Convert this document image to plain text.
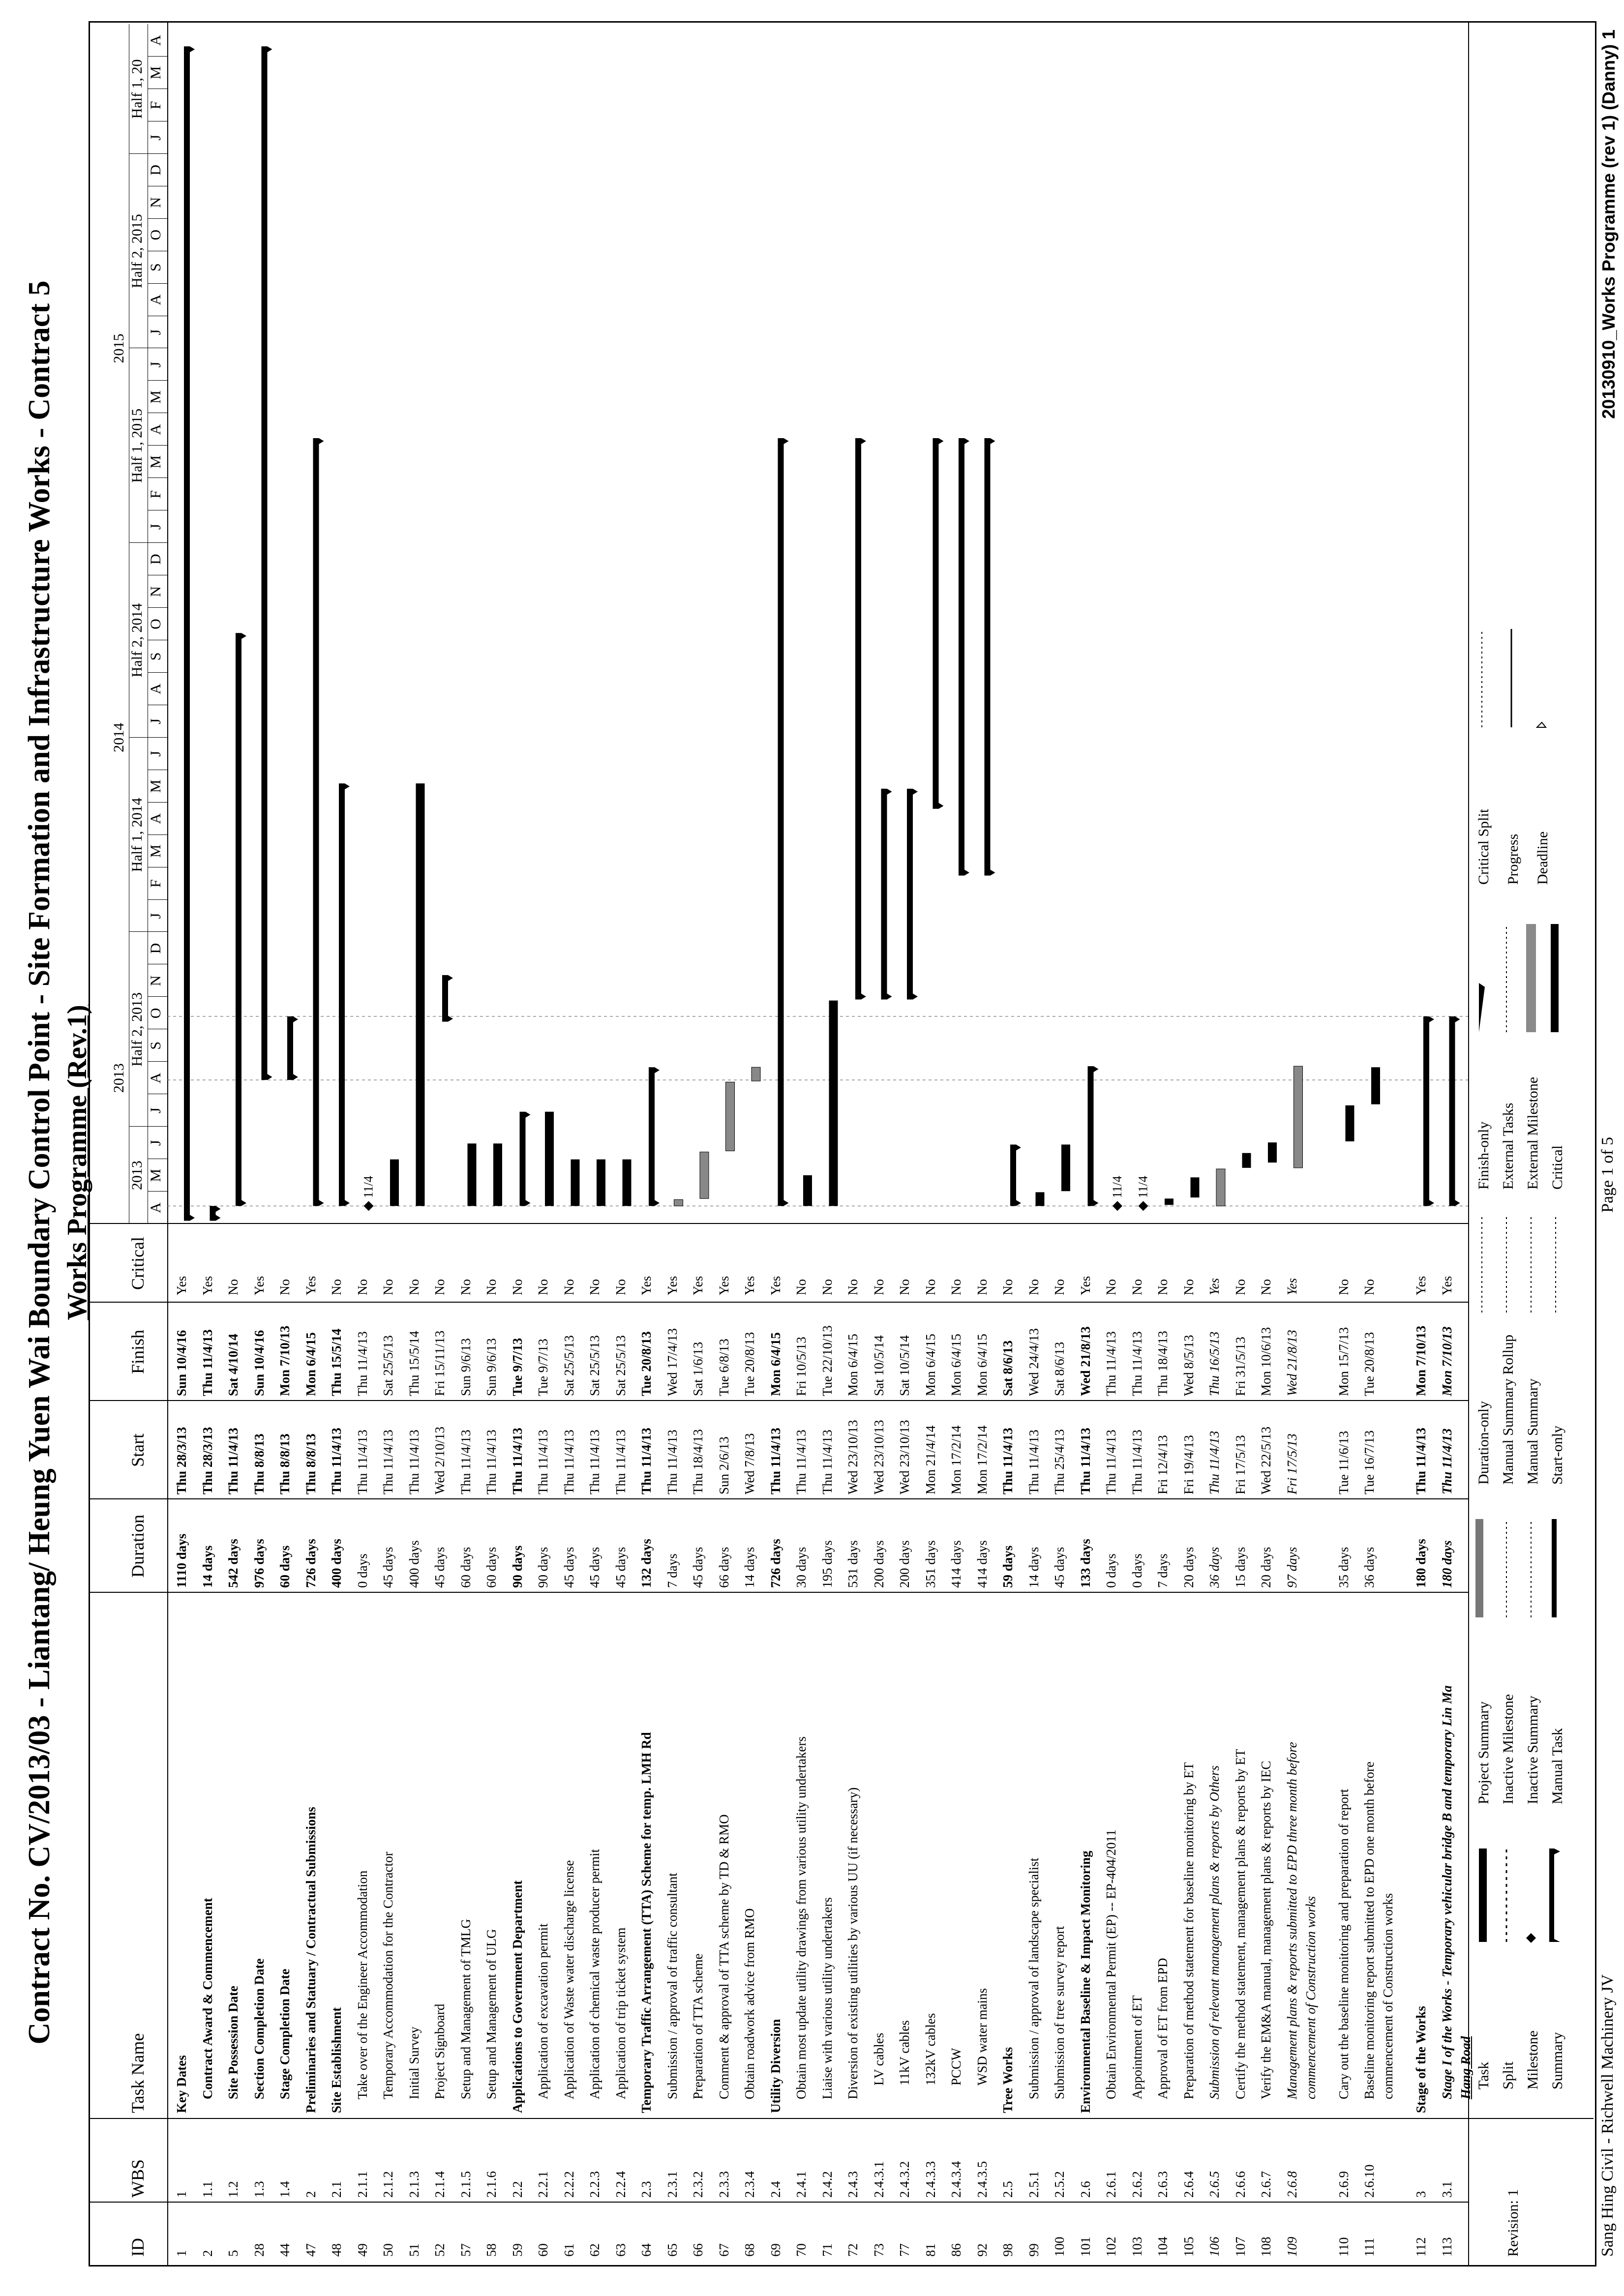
Contract No. CV/2013/03 - Liantang/ Heung Yuen Wai Boundary Control Point - Site Formation and Infrastructure Works - Contract 5 Works Programme (Rev.1)
ID
WBS
Task Name
Duration
Start
Finish
Critical
A
M
J
J
A
S
O
N
D
J
F
M
A
M
J
J
A
S
O
N
D
J
F
M
A
M
J
J
A
S
O
N
D
J
F
M
A
2013
Half 2, 2013
Half 1, 2014
Half 2, 2014
Half 1, 2015
Half 2, 2015
Half 1, 20
2013
2014
2015
1
1
Key Dates
1110 days
Thu 28/3/13
Sun 10/4/16
Yes
2
1.1
Contract Award & Commencement
14 days
Thu 28/3/13
Thu 11/4/13
Yes
5
1.2
Site Possession Date
542 days
Thu 11/4/13
Sat 4/10/14
No
28
1.3
Section Completion Date
976 days
Thu 8/8/13
Sun 10/4/16
Yes
44
1.4
Stage Completion Date
60 days
Thu 8/8/13
Mon 7/10/13
No
47
2
Preliminaries and Statuary / Contractual Submissions
726 days
Thu 8/8/13
Mon 6/4/15
Yes
48
2.1
Site Establishment
400 days
Thu 11/4/13
Thu 15/5/14
No
49
2.1.1
Take over of the Engineer Accommodation
0 days
Thu 11/4/13
Thu 11/4/13
No
50
2.1.2
Temporary Accommodation for the Contractor
45 days
Thu 11/4/13
Sat 25/5/13
No
51
2.1.3
Initial Survey
400 days
Thu 11/4/13
Thu 15/5/14
No
52
2.1.4
Project Signboard
45 days
Wed 2/10/13
Fri 15/11/13
No
57
2.1.5
Setup and Management of TMLG
60 days
Thu 11/4/13
Sun 9/6/13
No
58
2.1.6
Setup and Management of ULG
60 days
Thu 11/4/13
Sun 9/6/13
No
59
2.2
Applications to Government Department
90 days
Thu 11/4/13
Tue 9/7/13
No
60
2.2.1
Application of excavation permit
90 days
Thu 11/4/13
Tue 9/7/13
No
61
2.2.2
Application of Waste water discharge license
45 days
Thu 11/4/13
Sat 25/5/13
No
62
2.2.3
Application of chemical waste producer permit
45 days
Thu 11/4/13
Sat 25/5/13
No
63
2.2.4
Application of trip ticket system
45 days
Thu 11/4/13
Sat 25/5/13
No
64
2.3
Temporary Traffic Arrangement (TTA) Scheme for temp. LMH Rd
132 days
Thu 11/4/13
Tue 20/8/13
Yes
65
2.3.1
Submission / approval of traffic consultant
7 days
Thu 11/4/13
Wed 17/4/13
Yes
66
2.3.2
Preparation of TTA scheme
45 days
Thu 18/4/13
Sat 1/6/13
Yes
67
2.3.3
Comment & approval of TTA scheme by TD & RMO
66 days
Sun 2/6/13
Tue 6/8/13
Yes
68
2.3.4
Obtain roadwork advice from RMO
14 days
Wed 7/8/13
Tue 20/8/13
Yes
69
2.4
Utility Diversion
726 days
Thu 11/4/13
Mon 6/4/15
Yes
70
2.4.1
Obtain most update utility drawings from various utility undertakers
30 days
Thu 11/4/13
Fri 10/5/13
No
71
2.4.2
Liaise with various utility undertakers
195 days
Thu 11/4/13
Tue 22/10/13
No
72
2.4.3
Diversion of existing utilities by various UU (if necessary)
531 days
Wed 23/10/13
Mon 6/4/15
No
73
2.4.3.1
LV cables
200 days
Wed 23/10/13
Sat 10/5/14
No
77
2.4.3.2
11kV cables
200 days
Wed 23/10/13
Sat 10/5/14
No
81
2.4.3.3
132kV cables
351 days
Mon 21/4/14
Mon 6/4/15
No
86
2.4.3.4
PCCW
414 days
Mon 17/2/14
Mon 6/4/15
No
92
2.4.3.5
WSD water mains
414 days
Mon 17/2/14
Mon 6/4/15
No
98
2.5
Tree Works
59 days
Thu 11/4/13
Sat 8/6/13
No
99
2.5.1
Submission / approval of landscape specialist
14 days
Thu 11/4/13
Wed 24/4/13
No
100
2.5.2
Submission of tree survey report
45 days
Thu 25/4/13
Sat 8/6/13
No
101
2.6
Environmental Baseline & Impact Monitoring
133 days
Thu 11/4/13
Wed 21/8/13
Yes
102
2.6.1
Obtain Environmental Permit (EP) -- EP-404/2011
0 days
Thu 11/4/13
Thu 11/4/13
No
103
2.6.2
Appointment of ET
0 days
Thu 11/4/13
Thu 11/4/13
No
104
2.6.3
Approval of ET from EPD
7 days
Fri 12/4/13
Thu 18/4/13
No
105
2.6.4
Preparation of method statement for baseline monitoring by ET
20 days
Fri 19/4/13
Wed 8/5/13
No
106
2.6.5
Submission of relevant management plans & reports by Others
36 days
Thu 11/4/13
Thu 16/5/13
Yes
107
2.6.6
Certify the method statement, management plans & reports by ET
15 days
Fri 17/5/13
Fri 31/5/13
No
108
2.6.7
Verify the EM&A manual, management plans & reports by IEC
20 days
Wed 22/5/13
Mon 10/6/13
No
109
2.6.8
Management plans & reports submitted to EPD three month before
97 days
Fri 17/5/13
Wed 21/8/13
Yes
commencement of Construction works
110
2.6.9
Cary out the baseline monitoring and preparation of report
35 days
Tue 11/6/13
Mon 15/7/13
No
111
2.6.10
Baseline monitoring report submitted to EPD one month before
36 days
Tue 16/7/13
Tue 20/8/13
No
commencement of Construction works
112
3
Stage of the Works
180 days
Thu 11/4/13
Mon 7/10/13
Yes
113
3.1
Stage I of the Works - Temporary vehicular bridge B and temporary Lin Ma
180 days
Thu 11/4/13
Mon 7/10/13
Yes
Hang Road
11/4	11/4 11/4
Revision: 1
Task Split Milestone Summary
Project Summary Inactive Milestone Inactive Summary Manual Task
Duration-only Manual Summary Rollup Manual Summary Start-only
Finish-only External Tasks External Milestone Critical
Critical Split Progress Deadline
Sang Hing Civil - Richwell Machinery JV
Page 1 of 5
20130910_Works Programme (rev 1) (Danny) 1
